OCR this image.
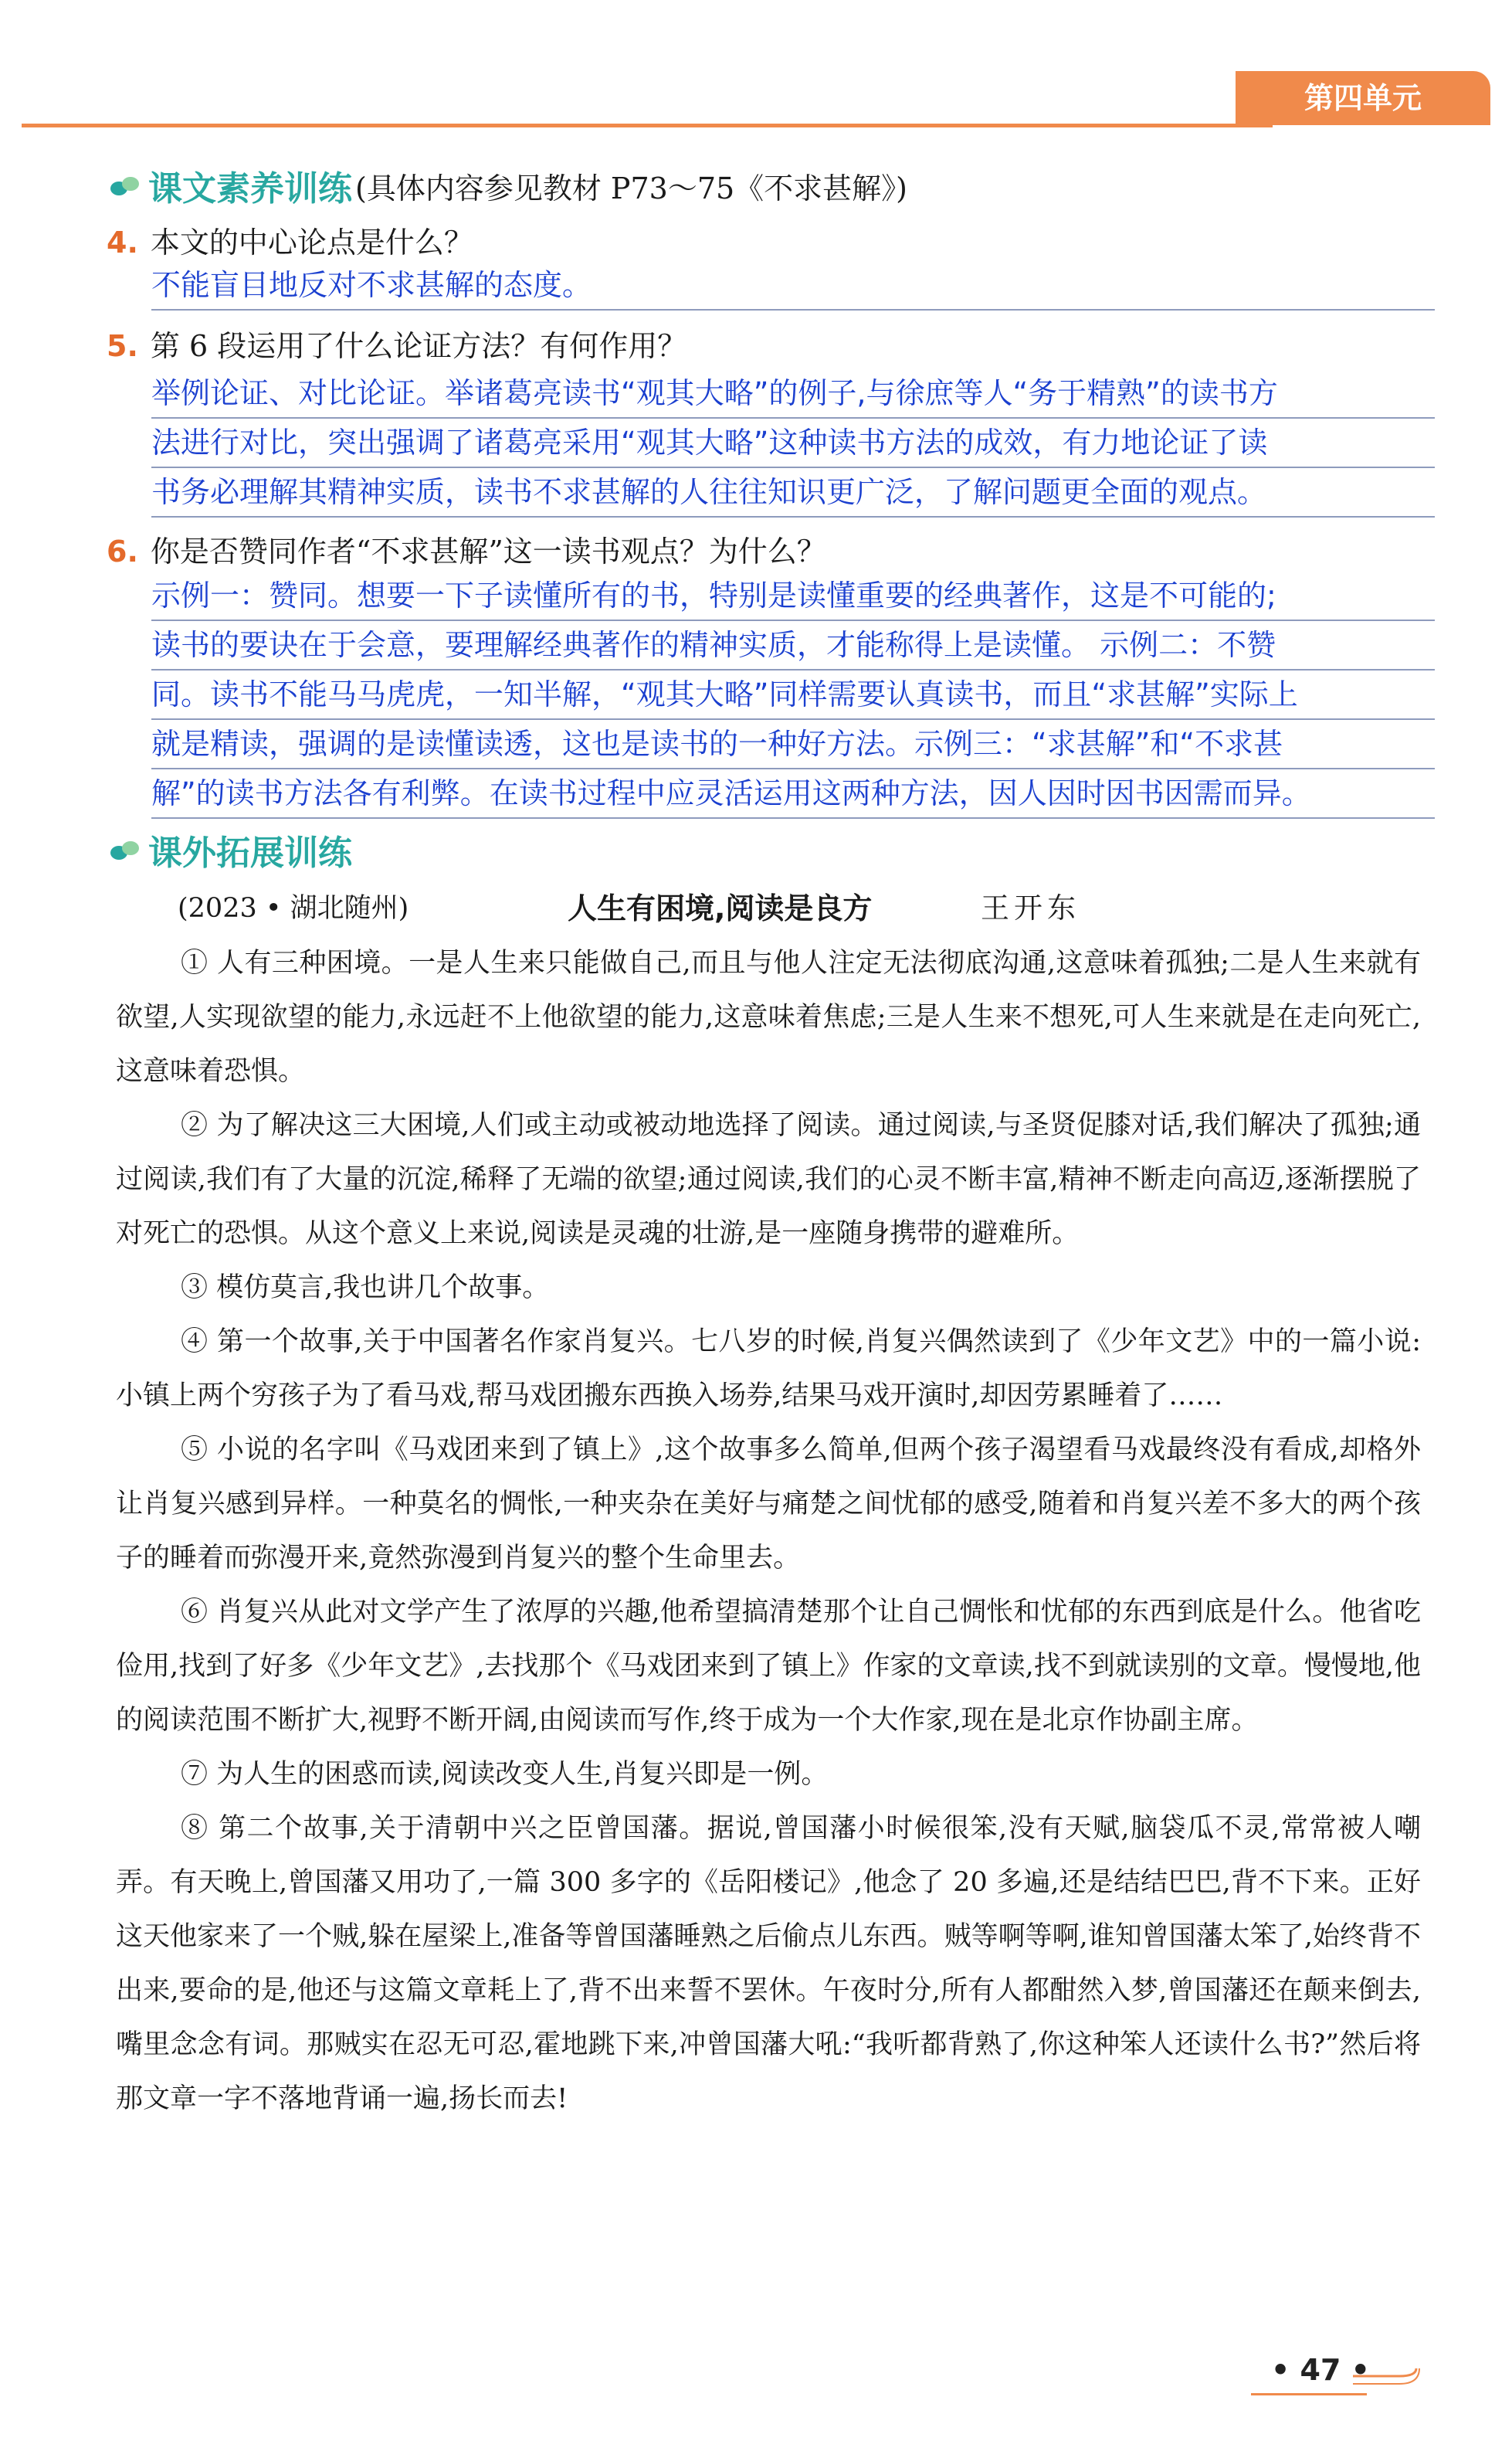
第四单元
课文素养训练 (具体内容参见教材 P73～75《不求甚解》)
4. 本文的中心论点是什么？
不能盲目地反对不求甚解的态度。
5. 第 6 段运用了什么论证方法？有何作用？
举例论证、对比论证。举诸葛亮读书“观其大略”的例子,与徐庶等人“务于精熟”的读书方
法进行对比，突出强调了诸葛亮采用“观其大略”这种读书方法的成效，有力地论证了读
书务必理解其精神实质，读书不求甚解的人往往知识更广泛，了解问题更全面的观点。
6. 你是否赞同作者“不求甚解”这一读书观点？为什么？
示例一：赞同。想要一下子读懂所有的书，特别是读懂重要的经典著作，这是不可能的;
读书的要诀在于会意，要理解经典著作的精神实质，才能称得上是读懂。 示例二：不赞
同。读书不能马马虎虎，一知半解，“观其大略”同样需要认真读书，而且“求甚解”实际上
就是精读，强调的是读懂读透，这也是读书的一种好方法。示例三：“求甚解”和“不求甚
解”的读书方法各有利弊。在读书过程中应灵活运用这两种方法，因人因时因书因需而异。
课外拓展训练
(2023 • 湖北随州)	人生有困境,阅读是良方	王开东

① 人有三种困境。一是人生来只能做自己,而且与他人注定无法彻底沟通,这意味着孤独;二是人生来就有欲望,人实现欲望的能力,永远赶不上他欲望的能力,这意味着焦虑;三是人生来不想死,可人生来就是在走向死亡,这意味着恐惧。

② 为了解决这三大困境,人们或主动或被动地选择了阅读。通过阅读,与圣贤促膝对话,我们解决了孤独;通过阅读,我们有了大量的沉淀,稀释了无端的欲望;通过阅读,我们的心灵不断丰富,精神不断走向高迈,逐渐摆脱了对死亡的恐惧。从这个意义上来说,阅读是灵魂的壮游,是一座随身携带的避难所。

③ 模仿莫言,我也讲几个故事。

④ 第一个故事,关于中国著名作家肖复兴。七八岁的时候,肖复兴偶然读到了《少年文艺》中的一篇小说:小镇上两个穷孩子为了看马戏,帮马戏团搬东西换入场券,结果马戏开演时,却因劳累睡着了……

⑤ 小说的名字叫《马戏团来到了镇上》,这个故事多么简单,但两个孩子渴望看马戏最终没有看成,却格外让肖复兴感到异样。一种莫名的惆怅,一种夹杂在美好与痛楚之间忧郁的感受,随着和肖复兴差不多大的两个孩子的睡着而弥漫开来,竟然弥漫到肖复兴的整个生命里去。

⑥ 肖复兴从此对文学产生了浓厚的兴趣,他希望搞清楚那个让自己惆怅和忧郁的东西到底是什么。他省吃俭用,找到了好多《少年文艺》,去找那个《马戏团来到了镇上》作家的文章读,找不到就读别的文章。慢慢地,他的阅读范围不断扩大,视野不断开阔,由阅读而写作,终于成为一个大作家,现在是北京作协副主席。

⑦ 为人生的困惑而读,阅读改变人生,肖复兴即是一例。

⑧ 第二个故事,关于清朝中兴之臣曾国藩。据说,曾国藩小时候很笨,没有天赋,脑袋瓜不灵,常常被人嘲弄。有天晚上,曾国藩又用功了,一篇 300 多字的《岳阳楼记》,他念了 20 多遍,还是结结巴巴,背不下来。正好这天他家来了一个贼,躲在屋梁上,准备等曾国藩睡熟之后偷点儿东西。贼等啊等啊,谁知曾国藩太笨了,始终背不出来,要命的是,他还与这篇文章耗上了,背不出来誓不罢休。午夜时分,所有人都酣然入梦,曾国藩还在颠来倒去,嘴里念念有词。那贼实在忍无可忍,霍地跳下来,冲曾国藩大吼:“我听都背熟了,你这种笨人还读什么书?”然后将那文章一字不落地背诵一遍,扬长而去!

• 47 •
